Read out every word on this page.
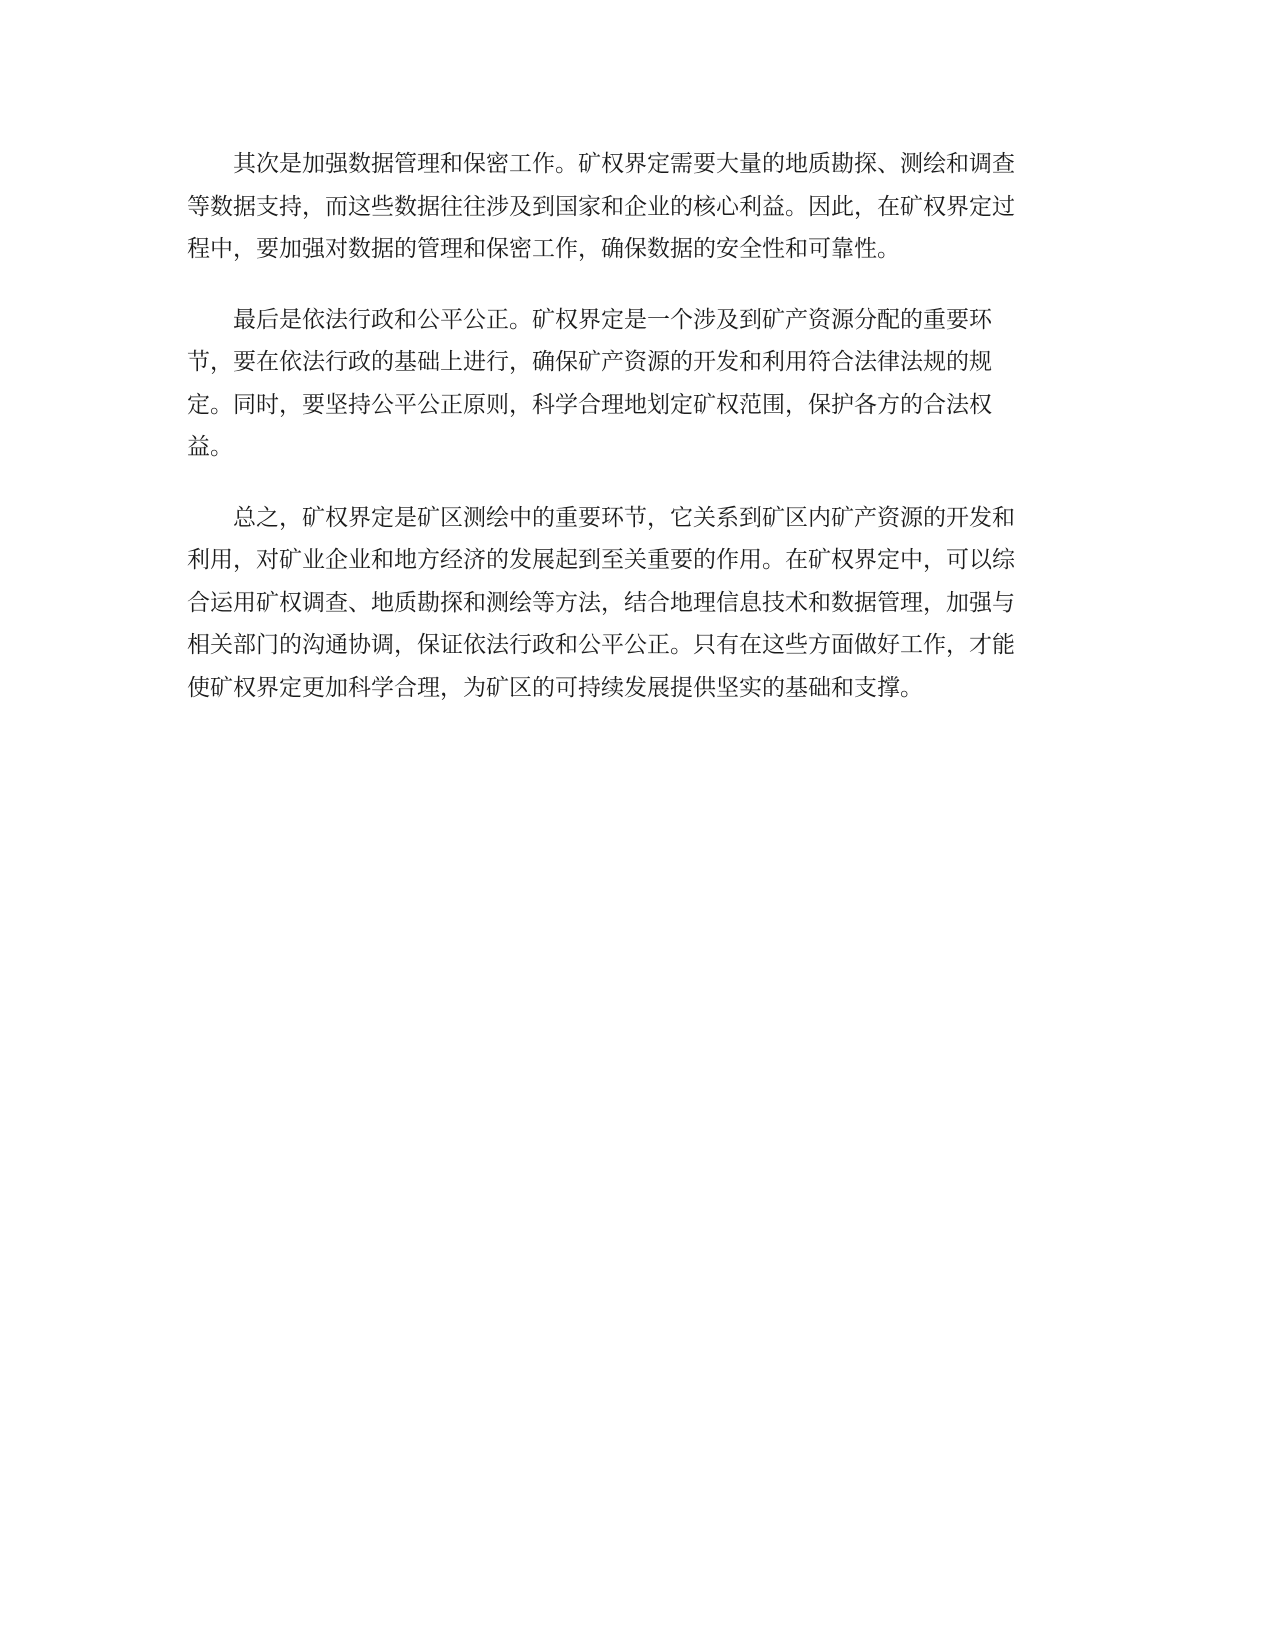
其次是加强数据管理和保密工作。矿权界定需要大量的地质勘探、测绘和调查
等数据支持，而这些数据往往涉及到国家和企业的核心利益。因此，在矿权界定过
程中，要加强对数据的管理和保密工作，确保数据的安全性和可靠性。

最后是依法行政和公平公正。矿权界定是一个涉及到矿产资源分配的重要环
节，要在依法行政的基础上进行，确保矿产资源的开发和利用符合法律法规的规
定。同时，要坚持公平公正原则，科学合理地划定矿权范围，保护各方的合法权
益。

总之，矿权界定是矿区测绘中的重要环节，它关系到矿区内矿产资源的开发和
利用，对矿业企业和地方经济的发展起到至关重要的作用。在矿权界定中，可以综
合运用矿权调查、地质勘探和测绘等方法，结合地理信息技术和数据管理，加强与
相关部门的沟通协调，保证依法行政和公平公正。只有在这些方面做好工作，才能
使矿权界定更加科学合理，为矿区的可持续发展提供坚实的基础和支撑。
